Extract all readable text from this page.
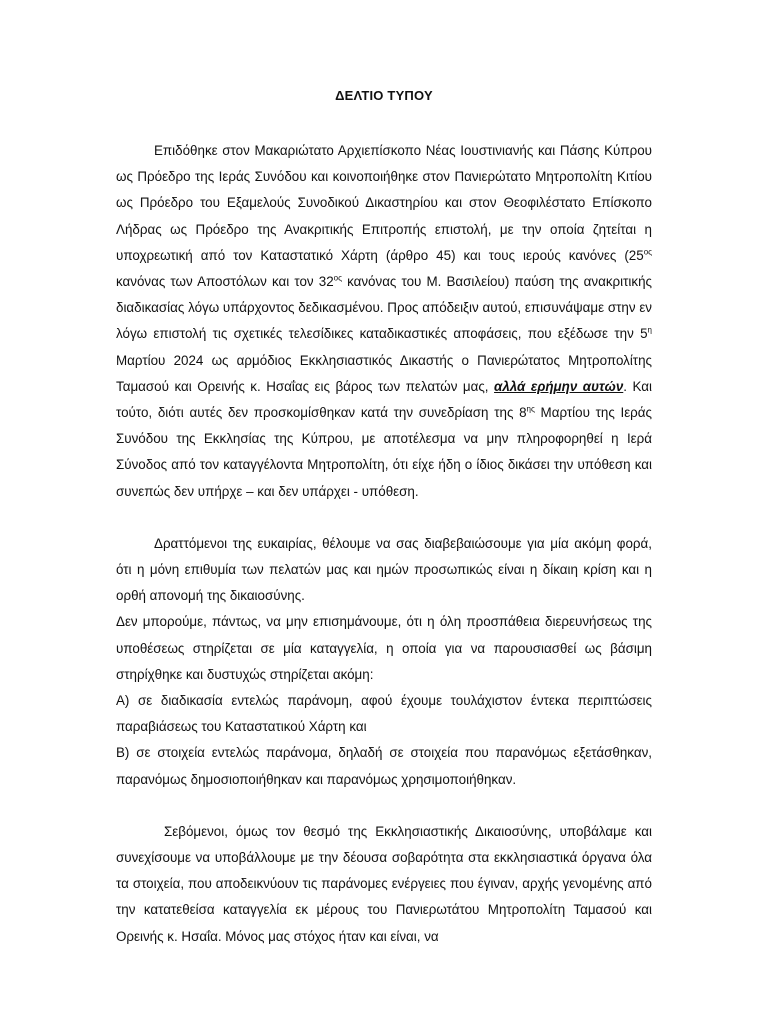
ΔΕΛΤΙΟ ΤΥΠΟΥ

Επιδόθηκε στον Μακαριώτατο Αρχιεπίσκοπο Νέας Ιουστινιανής και Πάσης Κύπρου ως Πρόεδρο της Ιεράς Συνόδου και κοινοποιήθηκε στον Πανιερώτατο Μητροπολίτη Κιτίου ως Πρόεδρο του Εξαμελούς Συνοδικού Δικαστηρίου και στον Θεοφιλέστατο Επίσκοπο Λήδρας ως Πρόεδρο της Ανακριτικής Επιτροπής επιστολή, με την οποία ζητείται η υποχρεωτική από τον Καταστατικό Χάρτη (άρθρο 45) και τους ιερούς κανόνες ($25^{o\varsigma}$ κανόνας των Αποστόλων και τον $32^{o\varsigma}$ κανόνας του Μ. Βασιλείου) παύση της ανακριτικής διαδικασίας λόγω υπάρχοντος δεδικασμένου. Προς απόδειξιν αυτού, επισυνάψαμε στην εν λόγω επιστολή τις σχετικές τελεσίδικες καταδικαστικές αποφάσεις, που εξέδωσε την $5^\eta$ Μαρτίου 2024 ως αρμόδιος Εκκλησιαστικός Δικαστής ο Πανιερώτατος Μητροπολίτης Ταμασού και Ορεινής κ. Ησαΐας εις βάρος των πελατών μας, αλλά ερήμην αυτών. Και τούτο, διότι αυτές δεν προσκομίσθηκαν κατά την συνεδρίαση της $8^{\eta\varsigma}$ Μαρτίου της Ιεράς Συνόδου της Εκκλησίας της Κύπρου, με αποτέλεσμα να μην πληροφορηθεί η Ιερά Σύνοδος από τον καταγγέλοντα Μητροπολίτη, ότι είχε ήδη ο ίδιος δικάσει την υπόθεση και συνεπώς δεν υπήρχε – και δεν υπάρχει - υπόθεση.

Δραττόμενοι της ευκαιρίας, θέλουμε να σας διαβεβαιώσουμε για μία ακόμη φορά, ότι η μόνη επιθυμία των πελατών μας και ημών προσωπικώς είναι η δίκαιη κρίση και η ορθή απονομή της δικαιοσύνης.

Δεν μπορούμε, πάντως, να μην επισημάνουμε, ότι η όλη προσπάθεια διερευνήσεως της υποθέσεως στηρίζεται σε μία καταγγελία, η οποία για να παρουσιασθεί ως βάσιμη στηρίχθηκε και δυστυχώς στηρίζεται ακόμη:

Α) σε διαδικασία εντελώς παράνομη, αφού έχουμε τουλάχιστον έντεκα περιπτώσεις παραβιάσεως του Καταστατικού Χάρτη και

Β) σε στοιχεία εντελώς παράνομα, δηλαδή σε στοιχεία που παρανόμως εξετάσθηκαν, παρανόμως δημοσιοποιήθηκαν και παρανόμως χρησιμοποιήθηκαν.

Σεβόμενοι, όμως τον θεσμό της Εκκλησιαστικής Δικαιοσύνης, υποβάλαμε και συνεχίσουμε να υποβάλλουμε με την δέουσα σοβαρότητα στα εκκλησιαστικά όργανα όλα τα στοιχεία, που αποδεικνύουν τις παράνομες ενέργειες που έγιναν, αρχής γενομένης από την κατατεθείσα καταγγελία εκ μέρους του Πανιερωτάτου Μητροπολίτη Ταμασού και Ορεινής κ. Ησαΐα. Μόνος μας στόχος ήταν και είναι, να
